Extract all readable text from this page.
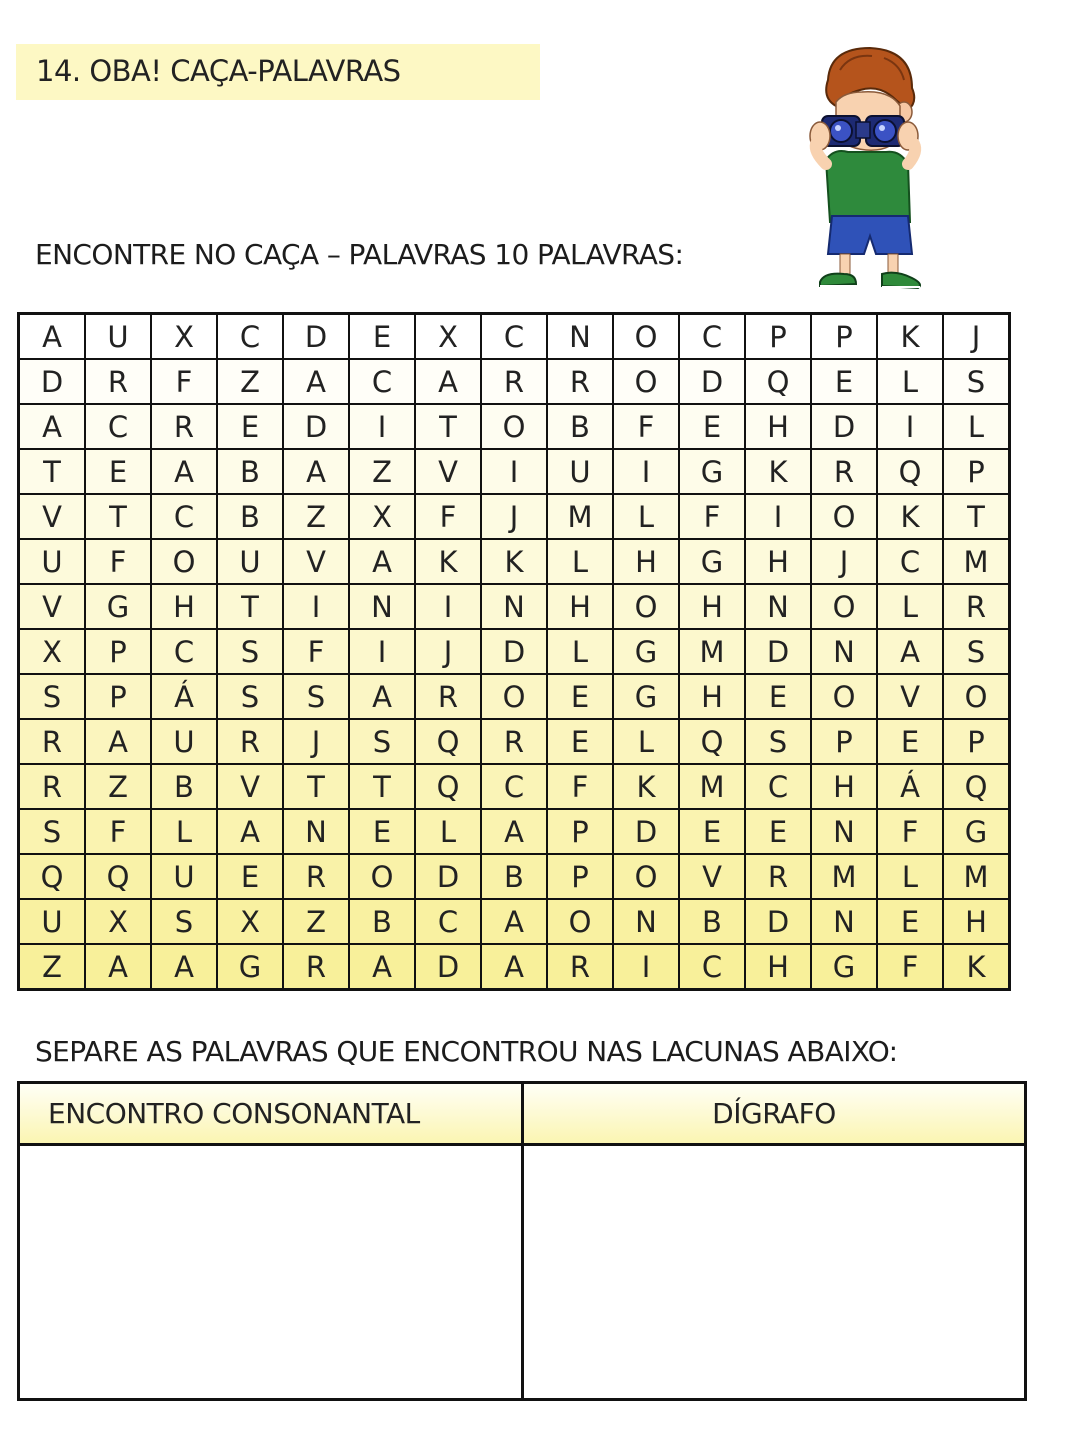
14. OBA! CAÇA-PALAVRAS
ENCONTRE NO CAÇA – PALAVRAS 10 PALAVRAS:
A	U	X	C	D	E	X	C	N	O	C	P	P	K	J
D	R	F	Z	A	C	A	R	R	O	D	Q	E	L	S
A	C	R	E	D	I	T	O	B	F	E	H	D	I	L
T	E	A	B	A	Z	V	I	U	I	G	K	R	Q	P
V	T	C	B	Z	X	F	J	M	L	F	I	O	K	T
U	F	O	U	V	A	K	K	L	H	G	H	J	C	M
V	G	H	T	I	N	I	N	H	O	H	N	O	L	R
X	P	C	S	F	I	J	D	L	G	M	D	N	A	S
S	P	Á	S	S	A	R	O	E	G	H	E	O	V	O
R	A	U	R	J	S	Q	R	E	L	Q	S	P	E	P
R	Z	B	V	T	T	Q	C	F	K	M	C	H	Á	Q
S	F	L	A	N	E	L	A	P	D	E	E	N	F	G
Q	Q	U	E	R	O	D	B	P	O	V	R	M	L	M
U	X	S	X	Z	B	C	A	O	N	B	D	N	E	H
Z	A	A	G	R	A	D	A	R	I	C	H	G	F	K
SEPARE AS PALAVRAS QUE ENCONTROU NAS LACUNAS ABAIXO:
ENCONTRO CONSONANTAL	DÍGRAFO
